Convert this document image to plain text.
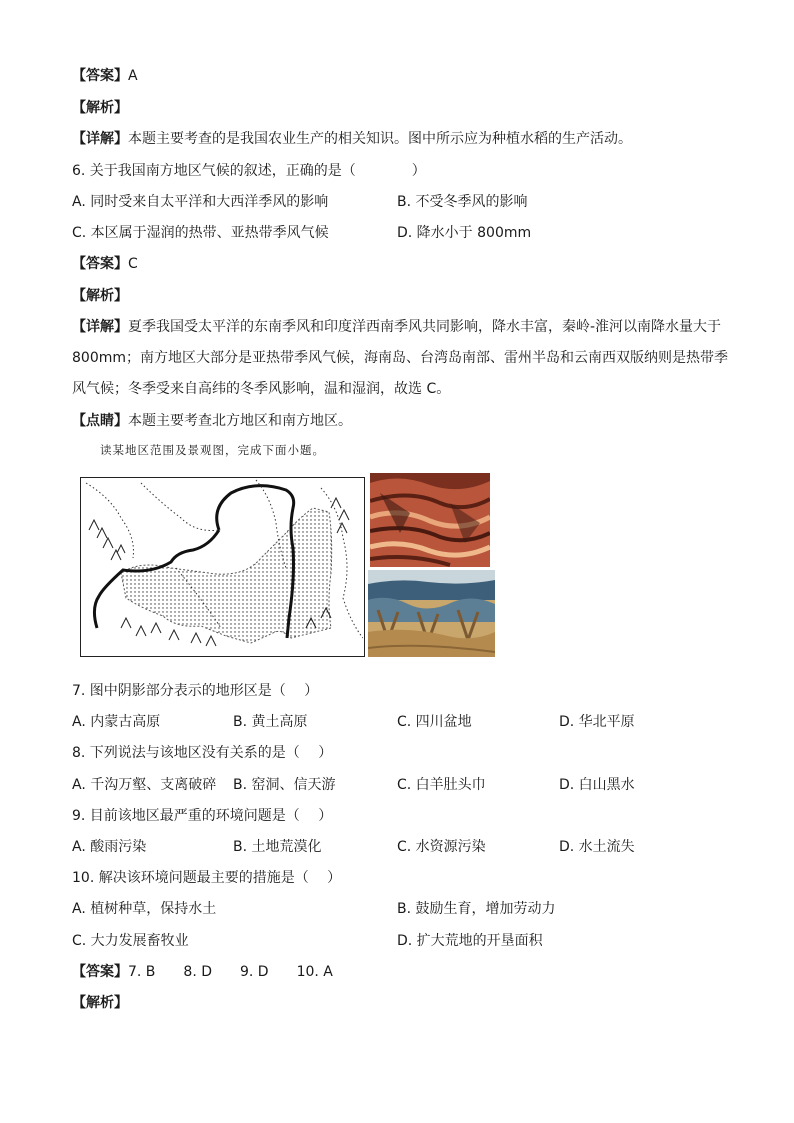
【答案】A
【解析】
【详解】本题主要考查的是我国农业生产的相关知识。图中所示应为种植水稻的生产活动。
6. 关于我国南方地区气候的叙述，正确的是（　　　　）
A. 同时受来自太平洋和大西洋季风的影响	B. 不受冬季风的影响
C. 本区属于湿润的热带、亚热带季风气候	D. 降水小于 800mm
【答案】C
【解析】
【详解】夏季我国受太平洋的东南季风和印度洋西南季风共同影响，降水丰富，秦岭-淮河以南降水量大于
800mm；南方地区大部分是亚热带季风气候，海南岛、台湾岛南部、雷州半岛和云南西双版纳则是热带季
风气候；冬季受来自高纬的冬季风影响，温和湿润，故选 C。
【点睛】本题主要考查北方地区和南方地区。
读某地区范围及景观图，完成下面小题。
7. 图中阴影部分表示的地形区是（　 ）
A. 内蒙古高原	B. 黄土高原	C. 四川盆地	D. 华北平原
8. 下列说法与该地区没有关系的是（　 ）
A. 千沟万壑、支离破碎 B. 窑洞、信天游	C. 白羊肚头巾	D. 白山黑水
9. 目前该地区最严重的环境问题是（　 ）
A. 酸雨污染	B. 土地荒漠化	C. 水资源污染	D. 水土流失
10. 解决该环境问题最主要的措施是（　 ）
A. 植树种草，保持水土	B. 鼓励生育，增加劳动力
C. 大力发展畜牧业	D. 扩大荒地的开垦面积
【答案】7. B　　8. D　　9. D　　10. A
【解析】
